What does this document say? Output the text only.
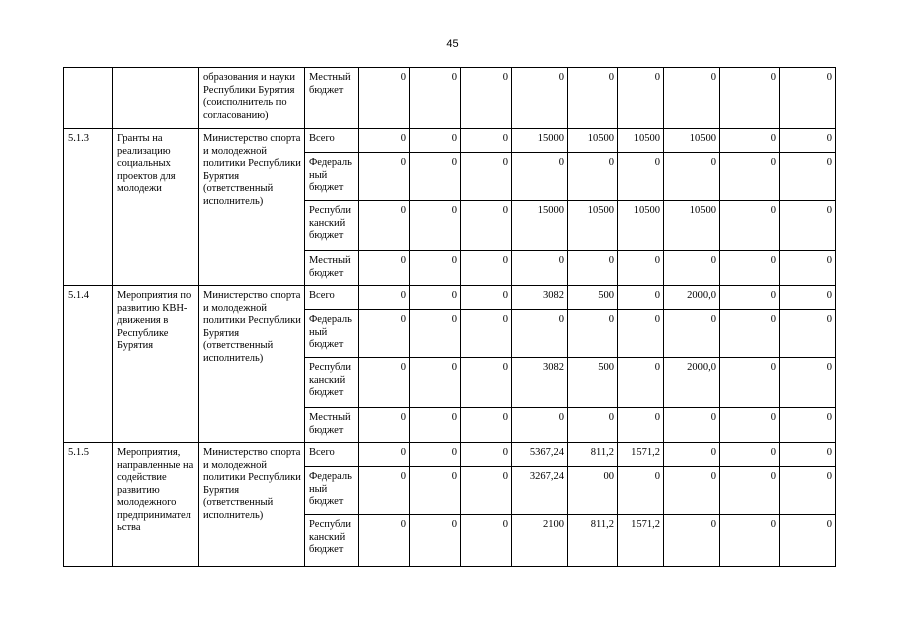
45
		образования и науки Республики Бурятия (соисполнитель по согласованию)	Местный бюджет	0	0	0	0	0	0	0	0	0
5.1.3	Гранты на реализацию социальных проектов для молодежи	Министерство спорта и молодежной политики Республики Бурятия (ответственный исполнитель)	Всего	0	0	0	15000	10500	10500	10500	0	0
			Федераль ный бюджет	0	0	0	0	0	0	0	0	0
			Республи канский бюджет	0	0	0	15000	10500	10500	10500	0	0
			Местный бюджет	0	0	0	0	0	0	0	0	0
5.1.4	Мероприятия по развитию КВН-движения в Республике Бурятия	Министерство спорта и молодежной политики Республики Бурятия (ответственный исполнитель)	Всего	0	0	0	3082	500	0	2000,0	0	0
			Федераль ный бюджет	0	0	0	0	0	0	0	0	0
			Республи канский бюджет	0	0	0	3082	500	0	2000,0	0	0
			Местный бюджет	0	0	0	0	0	0	0	0	0
5.1.5	Мероприятия, направленные на содействие развитию молодежного предпринимател ьства	Министерство спорта и молодежной политики Республики Бурятия (ответственный исполнитель)	Всего	0	0	0	5367,24	811,2	1571,2	0	0	0
			Федераль ный бюджет	0	0	0	3267,24	00	0	0	0	0
			Республи канский бюджет	0	0	0	2100	811,2	1571,2	0	0	0
